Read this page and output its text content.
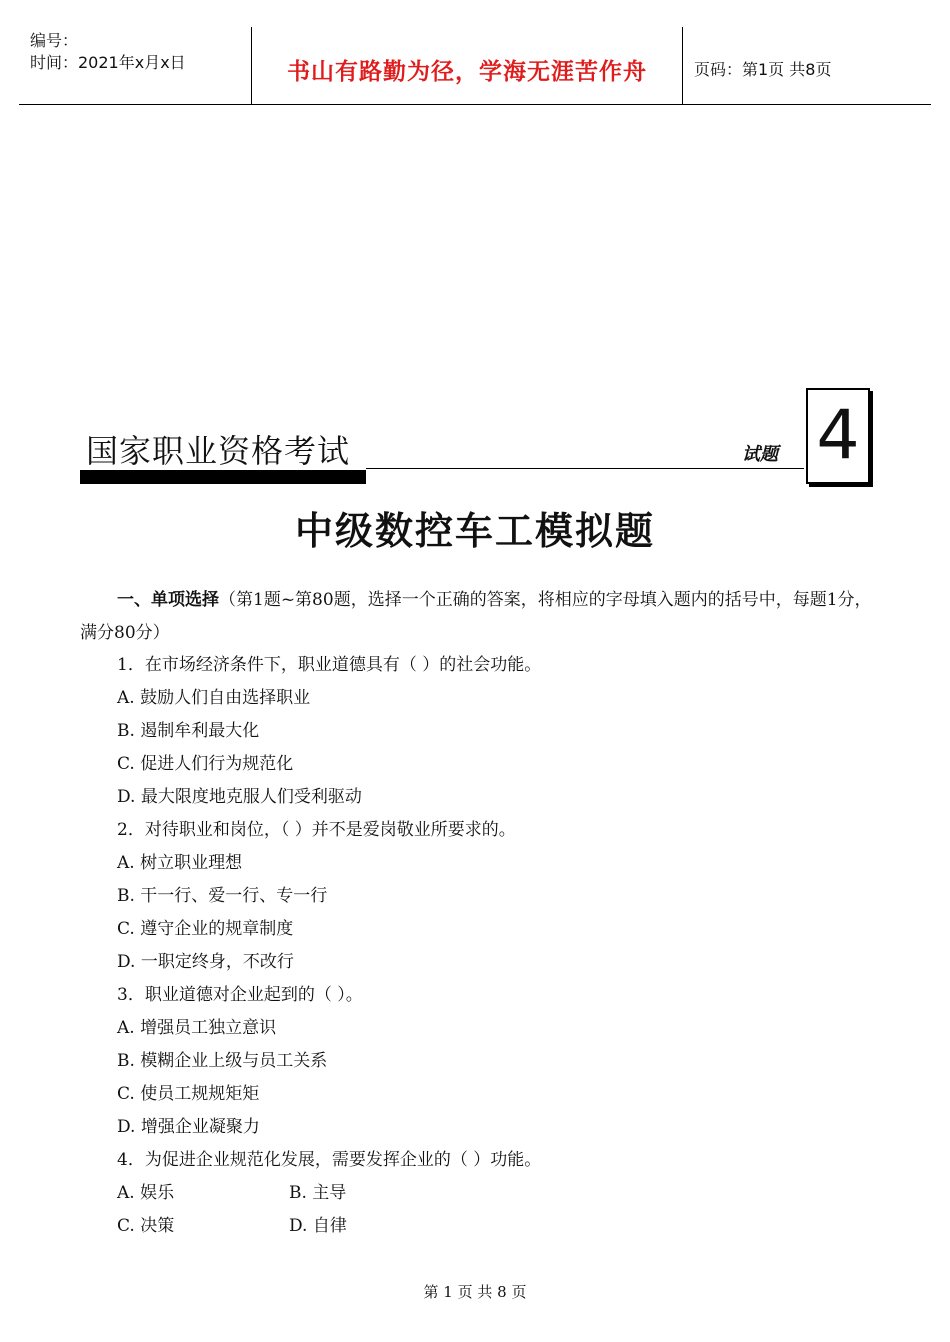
编号：
时间：2021年x月x日	书山有路勤为径，学海无涯苦作舟	页码：第1页 共8页
国家职业资格考试	试题 4
中级数控车工模拟题
一、单项选择（第1题~第80题，选择一个正确的答案，将相应的字母填入题内的括号中，每题1分，满分80分）
1．在市场经济条件下，职业道德具有（ ）的社会功能。
A. 鼓励人们自由选择职业
B. 遏制牟利最大化
C. 促进人们行为规范化
D. 最大限度地克服人们受利驱动
2．对待职业和岗位，（ ）并不是爱岗敬业所要求的。
A. 树立职业理想
B. 干一行、爱一行、专一行
C. 遵守企业的规章制度
D. 一职定终身，不改行
3．职业道德对企业起到的（ ）。
A. 增强员工独立意识
B. 模糊企业上级与员工关系
C. 使员工规规矩矩
D. 增强企业凝聚力
4．为促进企业规范化发展，需要发挥企业的（ ）功能。
A. 娱乐	B. 主导
C. 决策	D. 自律
第 1 页 共 8 页
